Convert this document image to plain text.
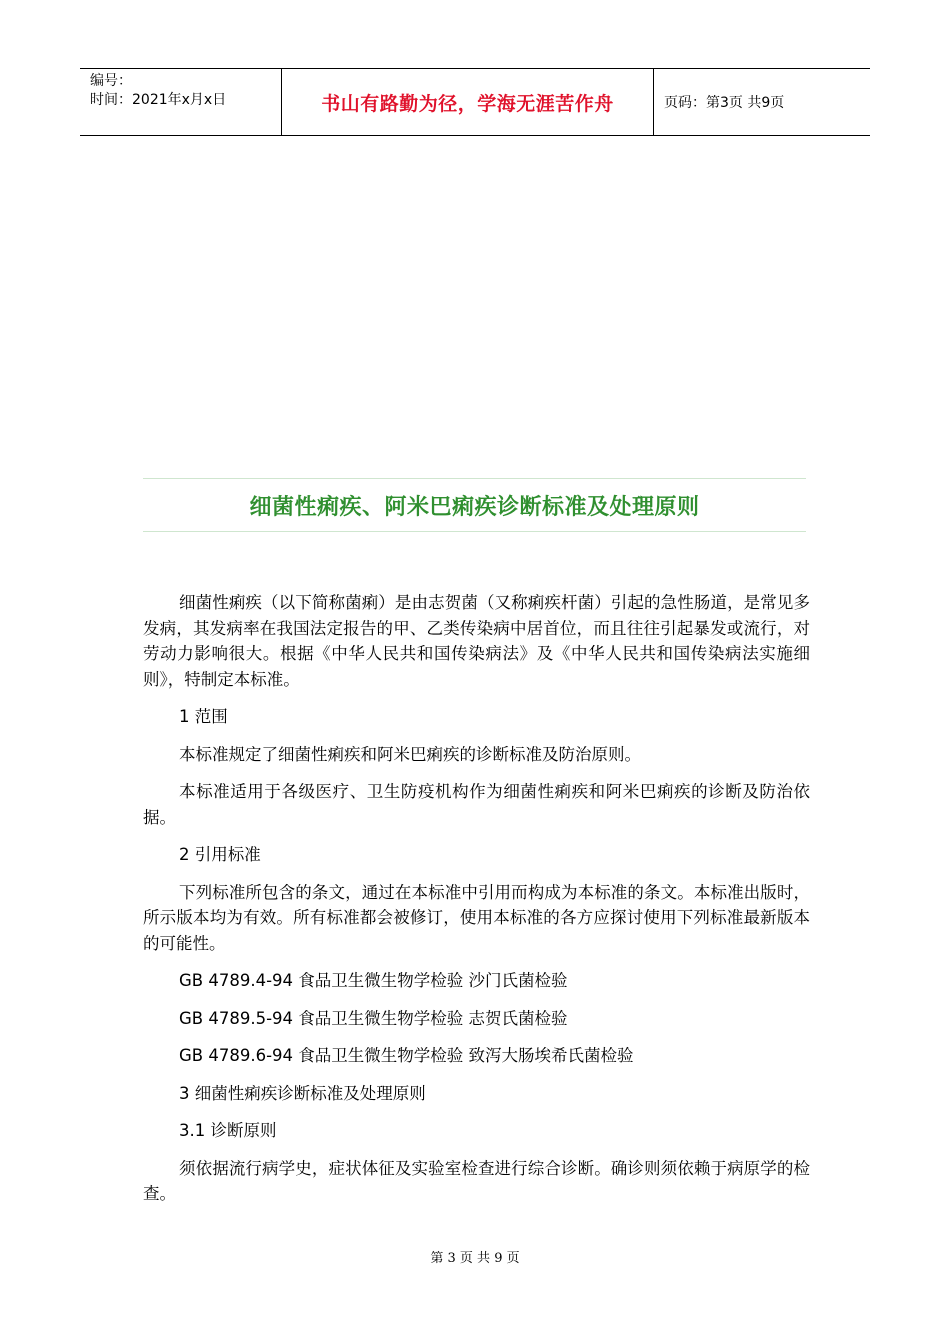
编号：
时间：2021年x月x日	书山有路勤为径，学海无涯苦作舟	页码：第3页 共9页
细菌性痢疾、阿米巴痢疾诊断标准及处理原则

细菌性痢疾（以下简称菌痢）是由志贺菌（又称痢疾杆菌）引起的急性肠道，是常见多发病，其发病率在我国法定报告的甲、乙类传染病中居首位，而且往往引起暴发或流行，对劳动力影响很大。根据《中华人民共和国传染病法》及《中华人民共和国传染病法实施细则》，特制定本标准。

1 范围

本标准规定了细菌性痢疾和阿米巴痢疾的诊断标准及防治原则。

本标准适用于各级医疗、卫生防疫机构作为细菌性痢疾和阿米巴痢疾的诊断及防治依据。

2 引用标准

下列标准所包含的条文，通过在本标准中引用而构成为本标准的条文。本标准出版时，所示版本均为有效。所有标准都会被修订，使用本标准的各方应探讨使用下列标准最新版本的可能性。

GB 4789.4-94 食品卫生微生物学检验 沙门氏菌检验

GB 4789.5-94 食品卫生微生物学检验 志贺氏菌检验

GB 4789.6-94 食品卫生微生物学检验 致泻大肠埃希氏菌检验

3 细菌性痢疾诊断标准及处理原则

3.1 诊断原则

须依据流行病学史，症状体征及实验室检查进行综合诊断。确诊则须依赖于病原学的检查。

第 3 页 共 9 页
